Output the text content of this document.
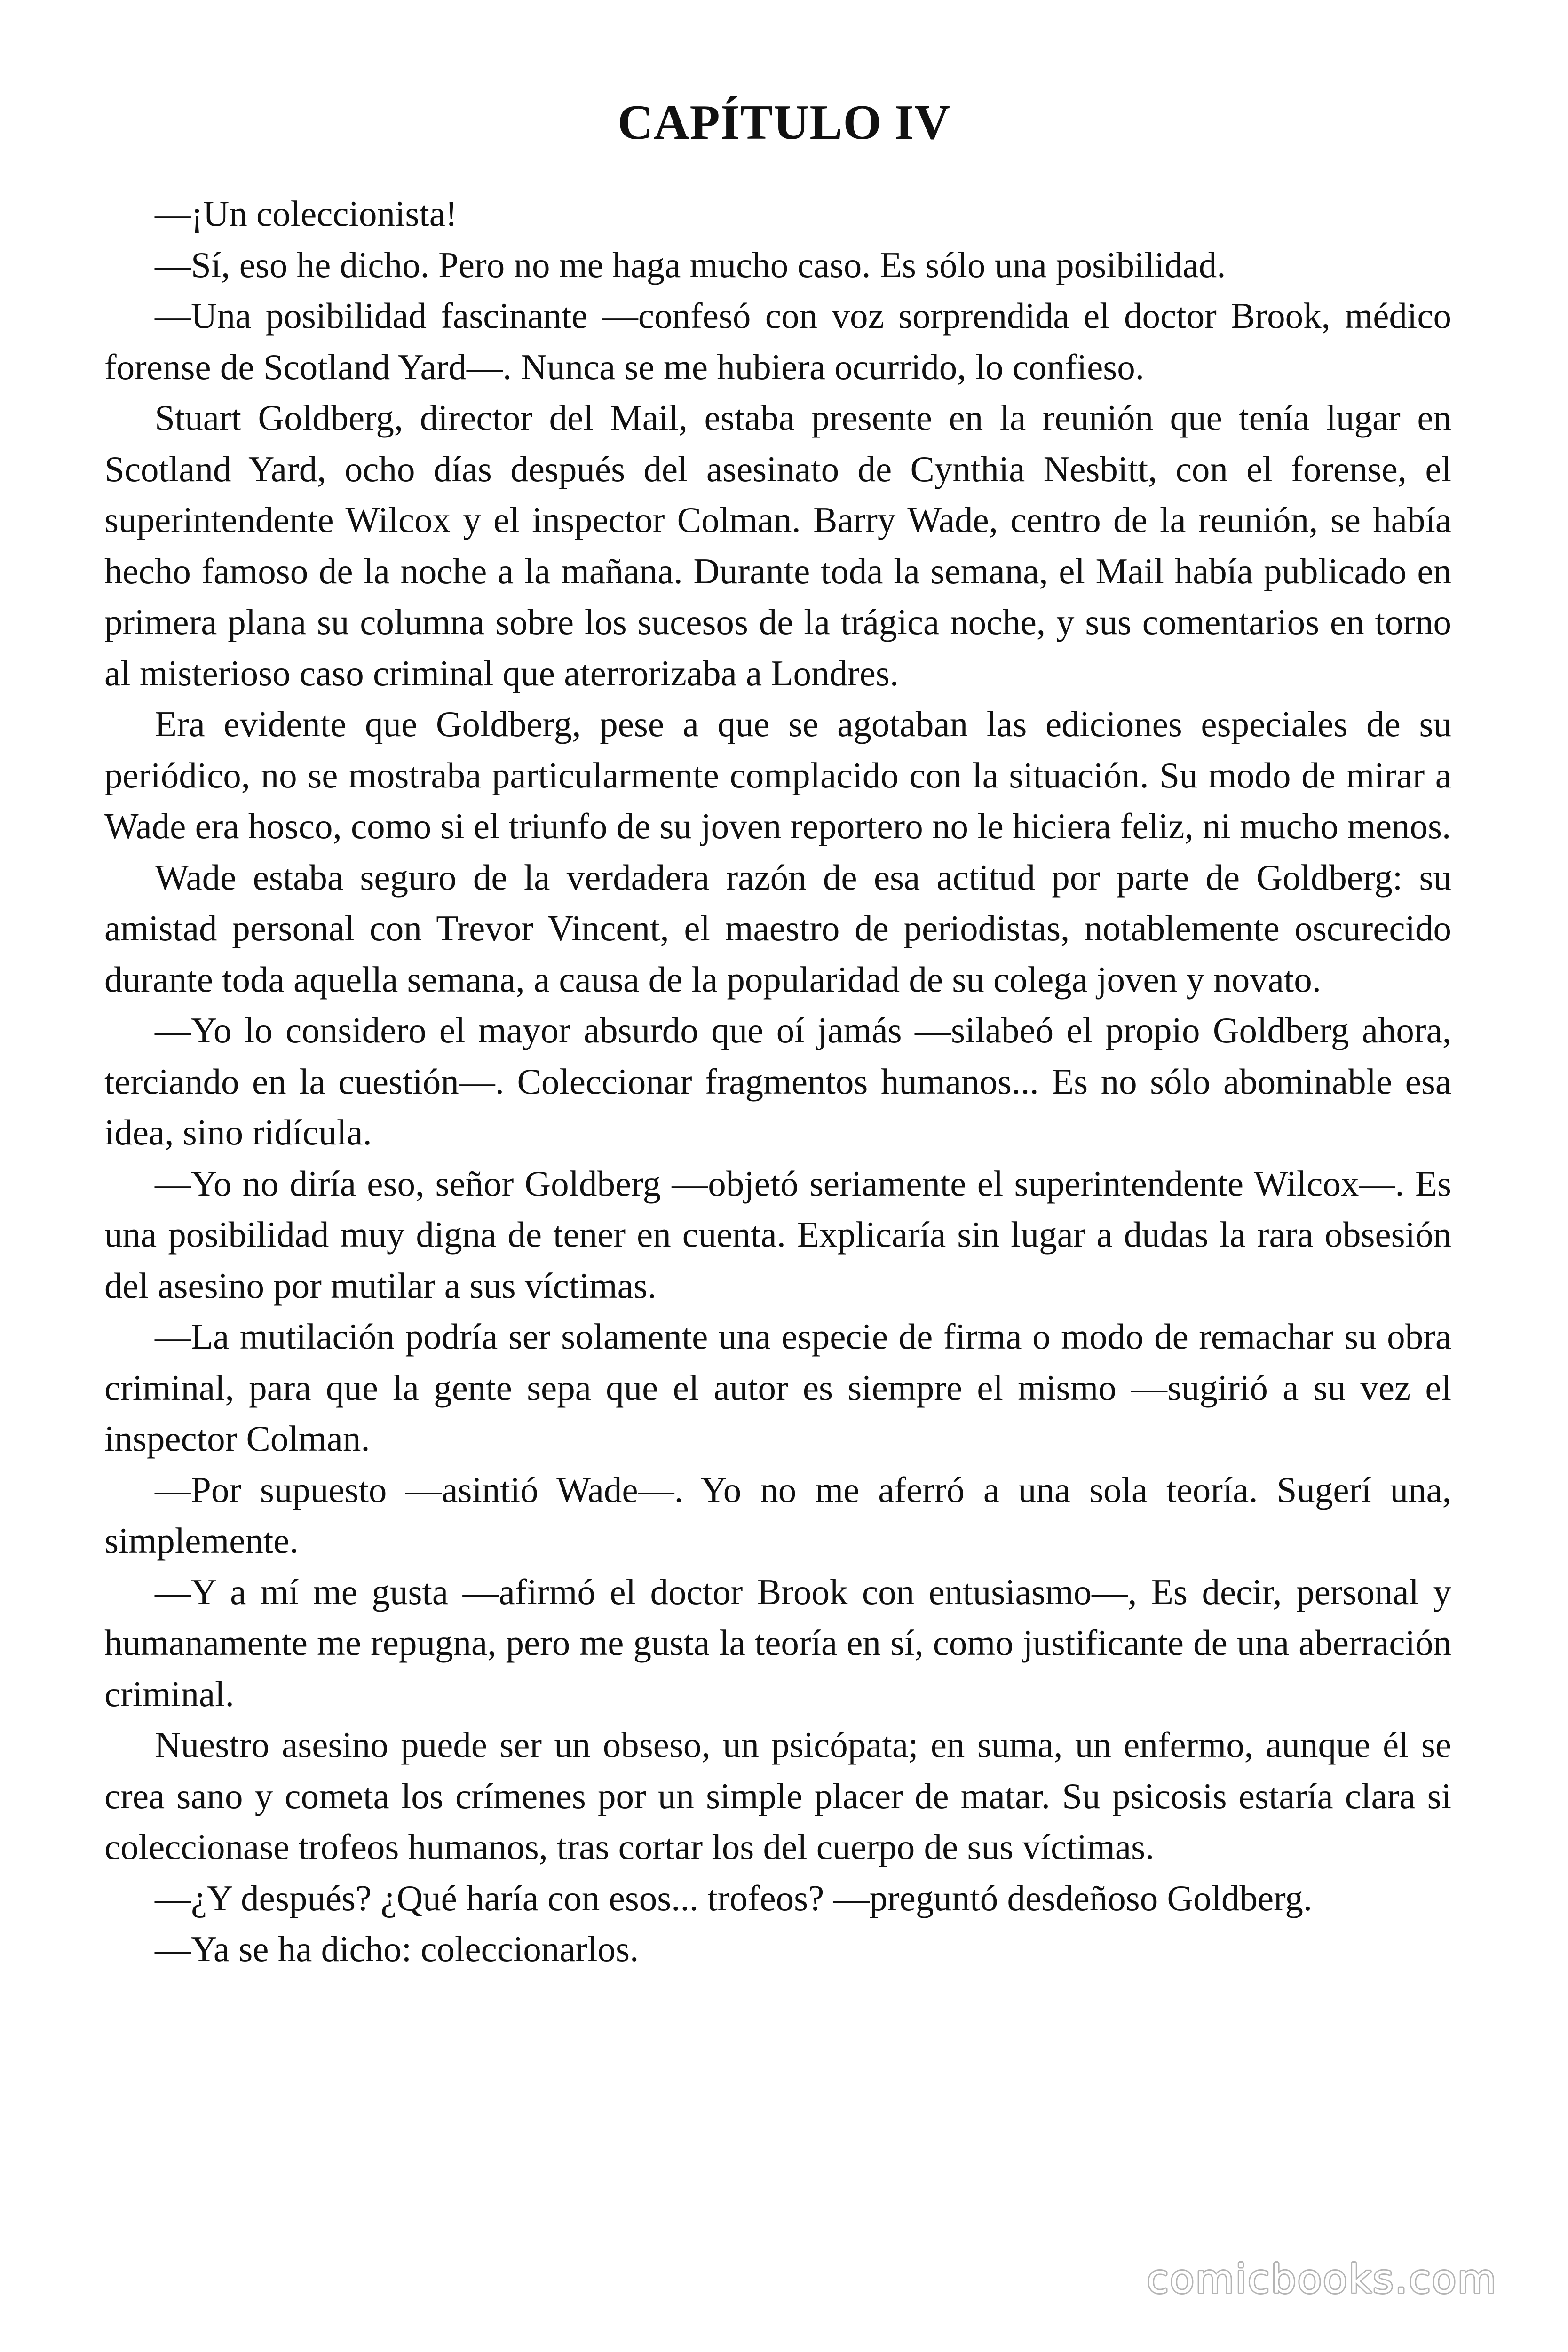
CAPÍTULO IV

—¡Un coleccionista!

—Sí, eso he dicho. Pero no me haga mucho caso. Es sólo una posibilidad.

—Una posibilidad fascinante —confesó con voz sorprendida el doctor Brook, médico forense de Scotland Yard—. Nunca se me hubiera ocurrido, lo confieso.

Stuart Goldberg, director del Mail, estaba presente en la reunión que tenía lugar en Scotland Yard, ocho días después del asesinato de Cynthia Nesbitt, con el forense, el superintendente Wilcox y el inspector Colman. Barry Wade, centro de la reunión, se había hecho famoso de la noche a la mañana. Durante toda la semana, el Mail había publicado en primera plana su columna sobre los sucesos de la trágica noche, y sus comentarios en torno al misterioso caso criminal que aterrorizaba a Londres.

Era evidente que Goldberg, pese a que se agotaban las ediciones especiales de su periódico, no se mostraba particularmente complacido con la situación. Su modo de mirar a Wade era hosco, como si el triunfo de su joven reportero no le hiciera feliz, ni mucho menos.

Wade estaba seguro de la verdadera razón de esa actitud por parte de Goldberg: su amistad personal con Trevor Vincent, el maestro de periodistas, notablemente oscurecido durante toda aquella semana, a causa de la popularidad de su colega joven y novato.

—Yo lo considero el mayor absurdo que oí jamás —silabeó el propio Goldberg ahora, terciando en la cuestión—. Coleccionar fragmentos humanos... Es no sólo abominable esa idea, sino ridícula.

—Yo no diría eso, señor Goldberg —objetó seriamente el superintendente Wilcox—. Es una posibilidad muy digna de tener en cuenta. Explicaría sin lugar a dudas la rara obsesión del asesino por mutilar a sus víctimas.

—La mutilación podría ser solamente una especie de firma o modo de remachar su obra criminal, para que la gente sepa que el autor es siempre el mismo —sugirió a su vez el inspector Colman.

—Por supuesto —asintió Wade—. Yo no me aferró a una sola teoría. Sugerí una, simplemente.

—Y a mí me gusta —afirmó el doctor Brook con entusiasmo—, Es decir, personal y humanamente me repugna, pero me gusta la teoría en sí, como justificante de una aberración criminal.

Nuestro asesino puede ser un obseso, un psicópata; en suma, un enfermo, aunque él se crea sano y cometa los crímenes por un simple placer de matar. Su psicosis estaría clara si coleccionase trofeos humanos, tras cortar los del cuerpo de sus víctimas.

—¿Y después? ¿Qué haría con esos... trofeos? —preguntó desdeñoso Goldberg.

—Ya se ha dicho: coleccionarlos.

comicbooks.com
